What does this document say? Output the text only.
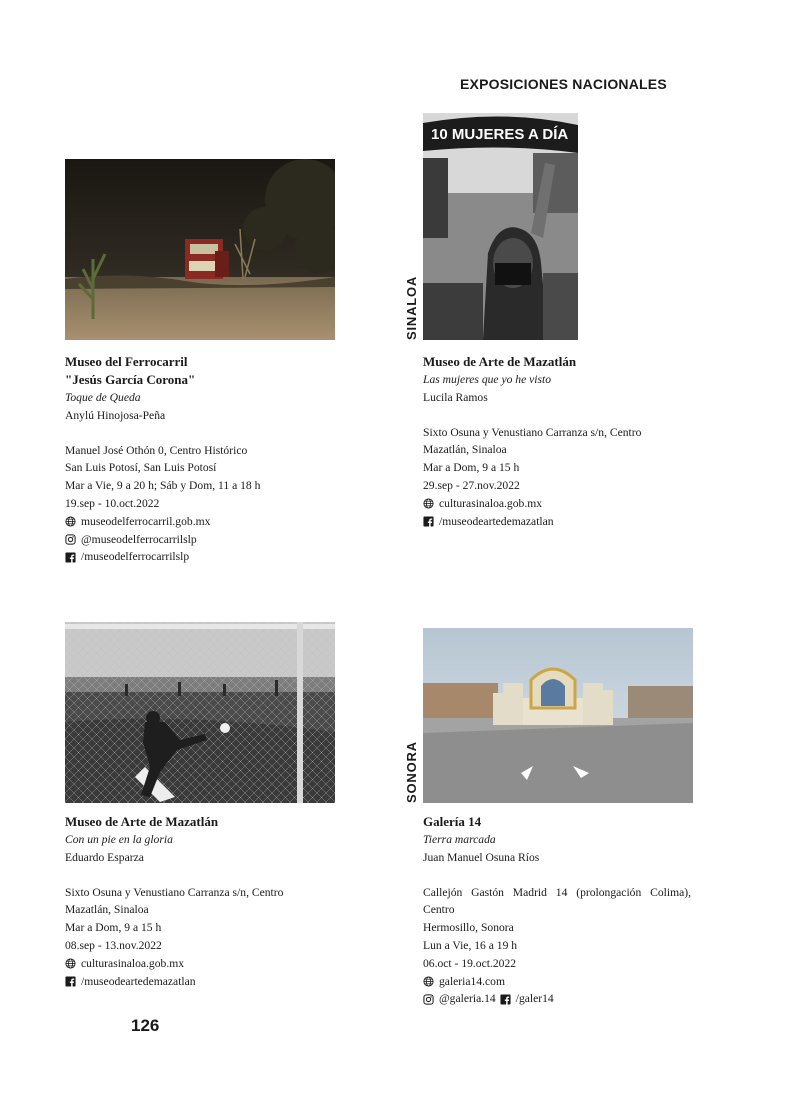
EXPOSICIONES NACIONALES
10 MUJERES A DÍA
SINALOA
Museo del Ferrocarril
"Jesús García Corona"
Toque de Queda
Anylú Hinojosa-Peña
Manuel José Othón 0, Centro Histórico
San Luis Potosí, San Luis Potosí
Mar a Vie, 9 a 20 h; Sáb y Dom, 11 a 18 h
19.sep - 10.oct.2022
museodelferrocarril.gob.mx
@museodelferrocarrilslp
/museodelferrocarrilslp
Museo de Arte de Mazatlán
Las mujeres que yo he visto
Lucila Ramos
Sixto Osuna y Venustiano Carranza s/n, Centro
Mazatlán, Sinaloa
Mar a Dom, 9 a 15 h
29.sep - 27.nov.2022
culturasinaloa.gob.mx
/museodeartedemazatlan
SONORA
Museo de Arte de Mazatlán
Con un pie en la gloria
Eduardo Esparza
Sixto Osuna y Venustiano Carranza s/n, Centro
Mazatlán, Sinaloa
Mar a Dom, 9 a 15 h
08.sep - 13.nov.2022
culturasinaloa.gob.mx
/museodeartedemazatlan
Galería 14
Tierra marcada
Juan Manuel Osuna Ríos
Callejón Gastón Madrid 14 (prolongación Colima), Centro
Hermosillo, Sonora
Lun a Vie, 16 a 19 h
06.oct - 19.oct.2022
galeria14.com
@galeria.14 /galer14
126
